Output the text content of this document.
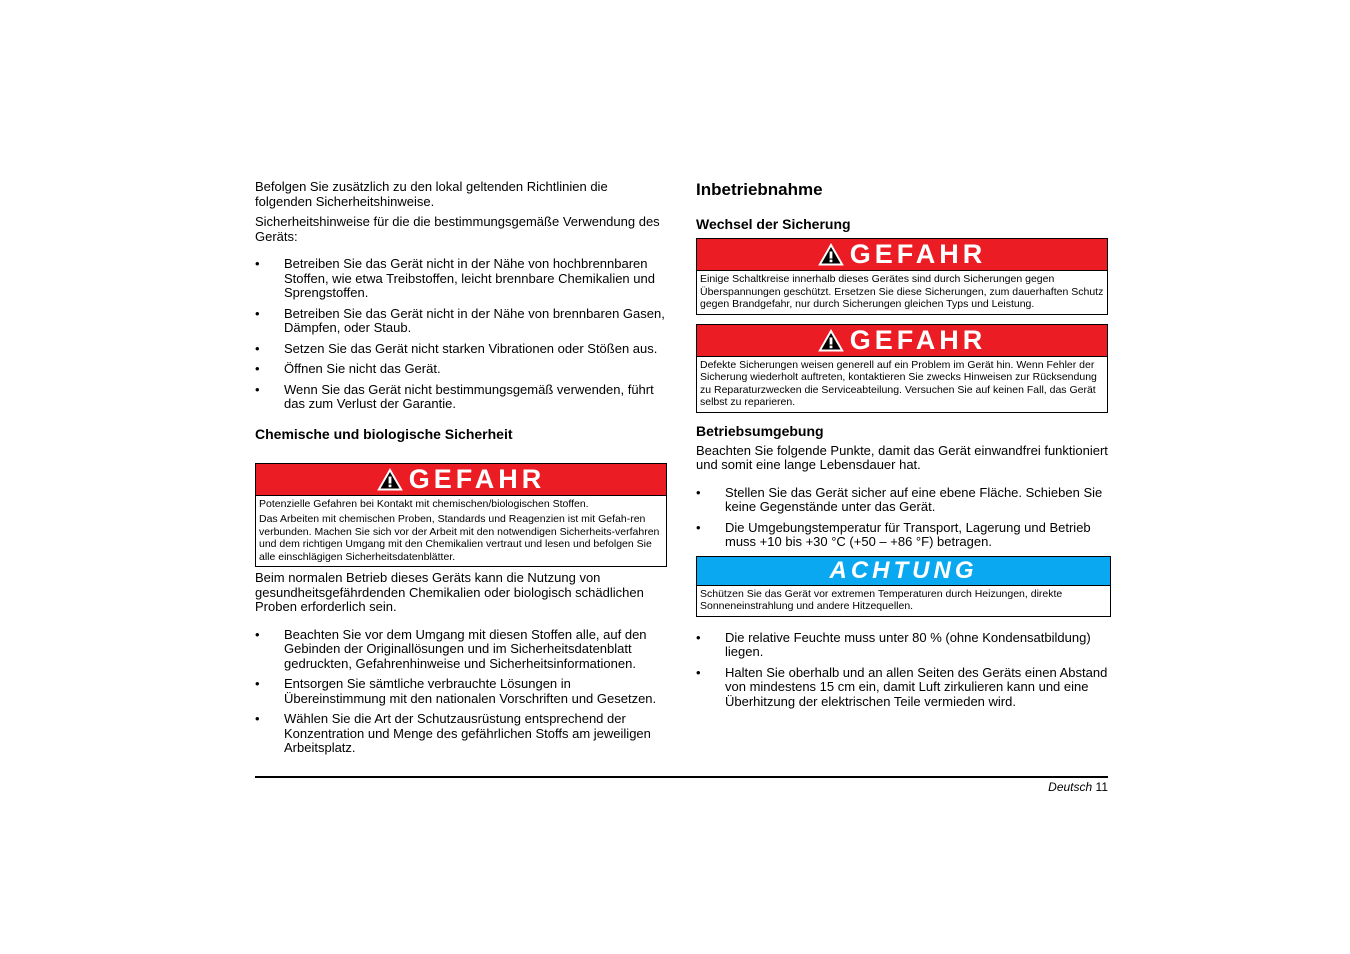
Befolgen Sie zusätzlich zu den lokal geltenden Richtlinien die folgenden Sicherheitshinweise.

Sicherheitshinweise für die die bestimmungsgemäße Verwendung des Geräts:

• Betreiben Sie das Gerät nicht in der Nähe von hochbrennbaren Stoffen, wie etwa Treibstoffen, leicht brennbare Chemikalien und Sprengstoffen.
• Betreiben Sie das Gerät nicht in der Nähe von brennbaren Gasen, Dämpfen, oder Staub.
• Setzen Sie das Gerät nicht starken Vibrationen oder Stößen aus.
• Öffnen Sie nicht das Gerät.
• Wenn Sie das Gerät nicht bestimmungsgemäß verwenden, führt das zum Verlust der Garantie.
Chemische und biologische Sicherheit
GEFAHR

Potenzielle Gefahren bei Kontakt mit chemischen/biologischen Stoffen.

Das Arbeiten mit chemischen Proben, Standards und Reagenzien ist mit Gefah-ren verbunden. Machen Sie sich vor der Arbeit mit den notwendigen Sicherheits-verfahren und dem richtigen Umgang mit den Chemikalien vertraut und lesen und befolgen Sie alle einschlägigen Sicherheitsdatenblätter.

Beim normalen Betrieb dieses Geräts kann die Nutzung von gesundheitsgefährdenden Chemikalien oder biologisch schädlichen Proben erforderlich sein.

• Beachten Sie vor dem Umgang mit diesen Stoffen alle, auf den Gebinden der Originallösungen und im Sicherheitsdatenblatt gedruckten, Gefahrenhinweise und Sicherheitsinformationen.
• Entsorgen Sie sämtliche verbrauchte Lösungen in Übereinstimmung mit den nationalen Vorschriften und Gesetzen.
• Wählen Sie die Art der Schutzausrüstung entsprechend der Konzentration und Menge des gefährlichen Stoffs am jeweiligen Arbeitsplatz.
Inbetriebnahme
Wechsel der Sicherung
GEFAHR

Einige Schaltkreise innerhalb dieses Gerätes sind durch Sicherungen gegen Überspannungen geschützt. Ersetzen Sie diese Sicherungen, zum dauerhaften Schutz gegen Brandgefahr, nur durch Sicherungen gleichen Typs und Leistung.

GEFAHR

Defekte Sicherungen weisen generell auf ein Problem im Gerät hin. Wenn Fehler der Sicherung wiederholt auftreten, kontaktieren Sie zwecks Hinweisen zur Rücksendung zu Reparaturzwecken die Serviceabteilung. Versuchen Sie auf keinen Fall, das Gerät selbst zu reparieren.

Betriebsumgebung

Beachten Sie folgende Punkte, damit das Gerät einwandfrei funktioniert und somit eine lange Lebensdauer hat.

• Stellen Sie das Gerät sicher auf eine ebene Fläche. Schieben Sie keine Gegenstände unter das Gerät.
• Die Umgebungstemperatur für Transport, Lagerung und Betrieb muss +10 bis +30 °C (+50 – +86 °F) betragen.
ACHTUNG

Schützen Sie das Gerät vor extremen Temperaturen durch Heizungen, direkte Sonneneinstrahlung und andere Hitzequellen.

• Die relative Feuchte muss unter 80 % (ohne Kondensatbildung) liegen.
• Halten Sie oberhalb und an allen Seiten des Geräts einen Abstand von mindestens 15 cm ein, damit Luft zirkulieren kann und eine Überhitzung der elektrischen Teile vermieden wird.
Deutsch 11
